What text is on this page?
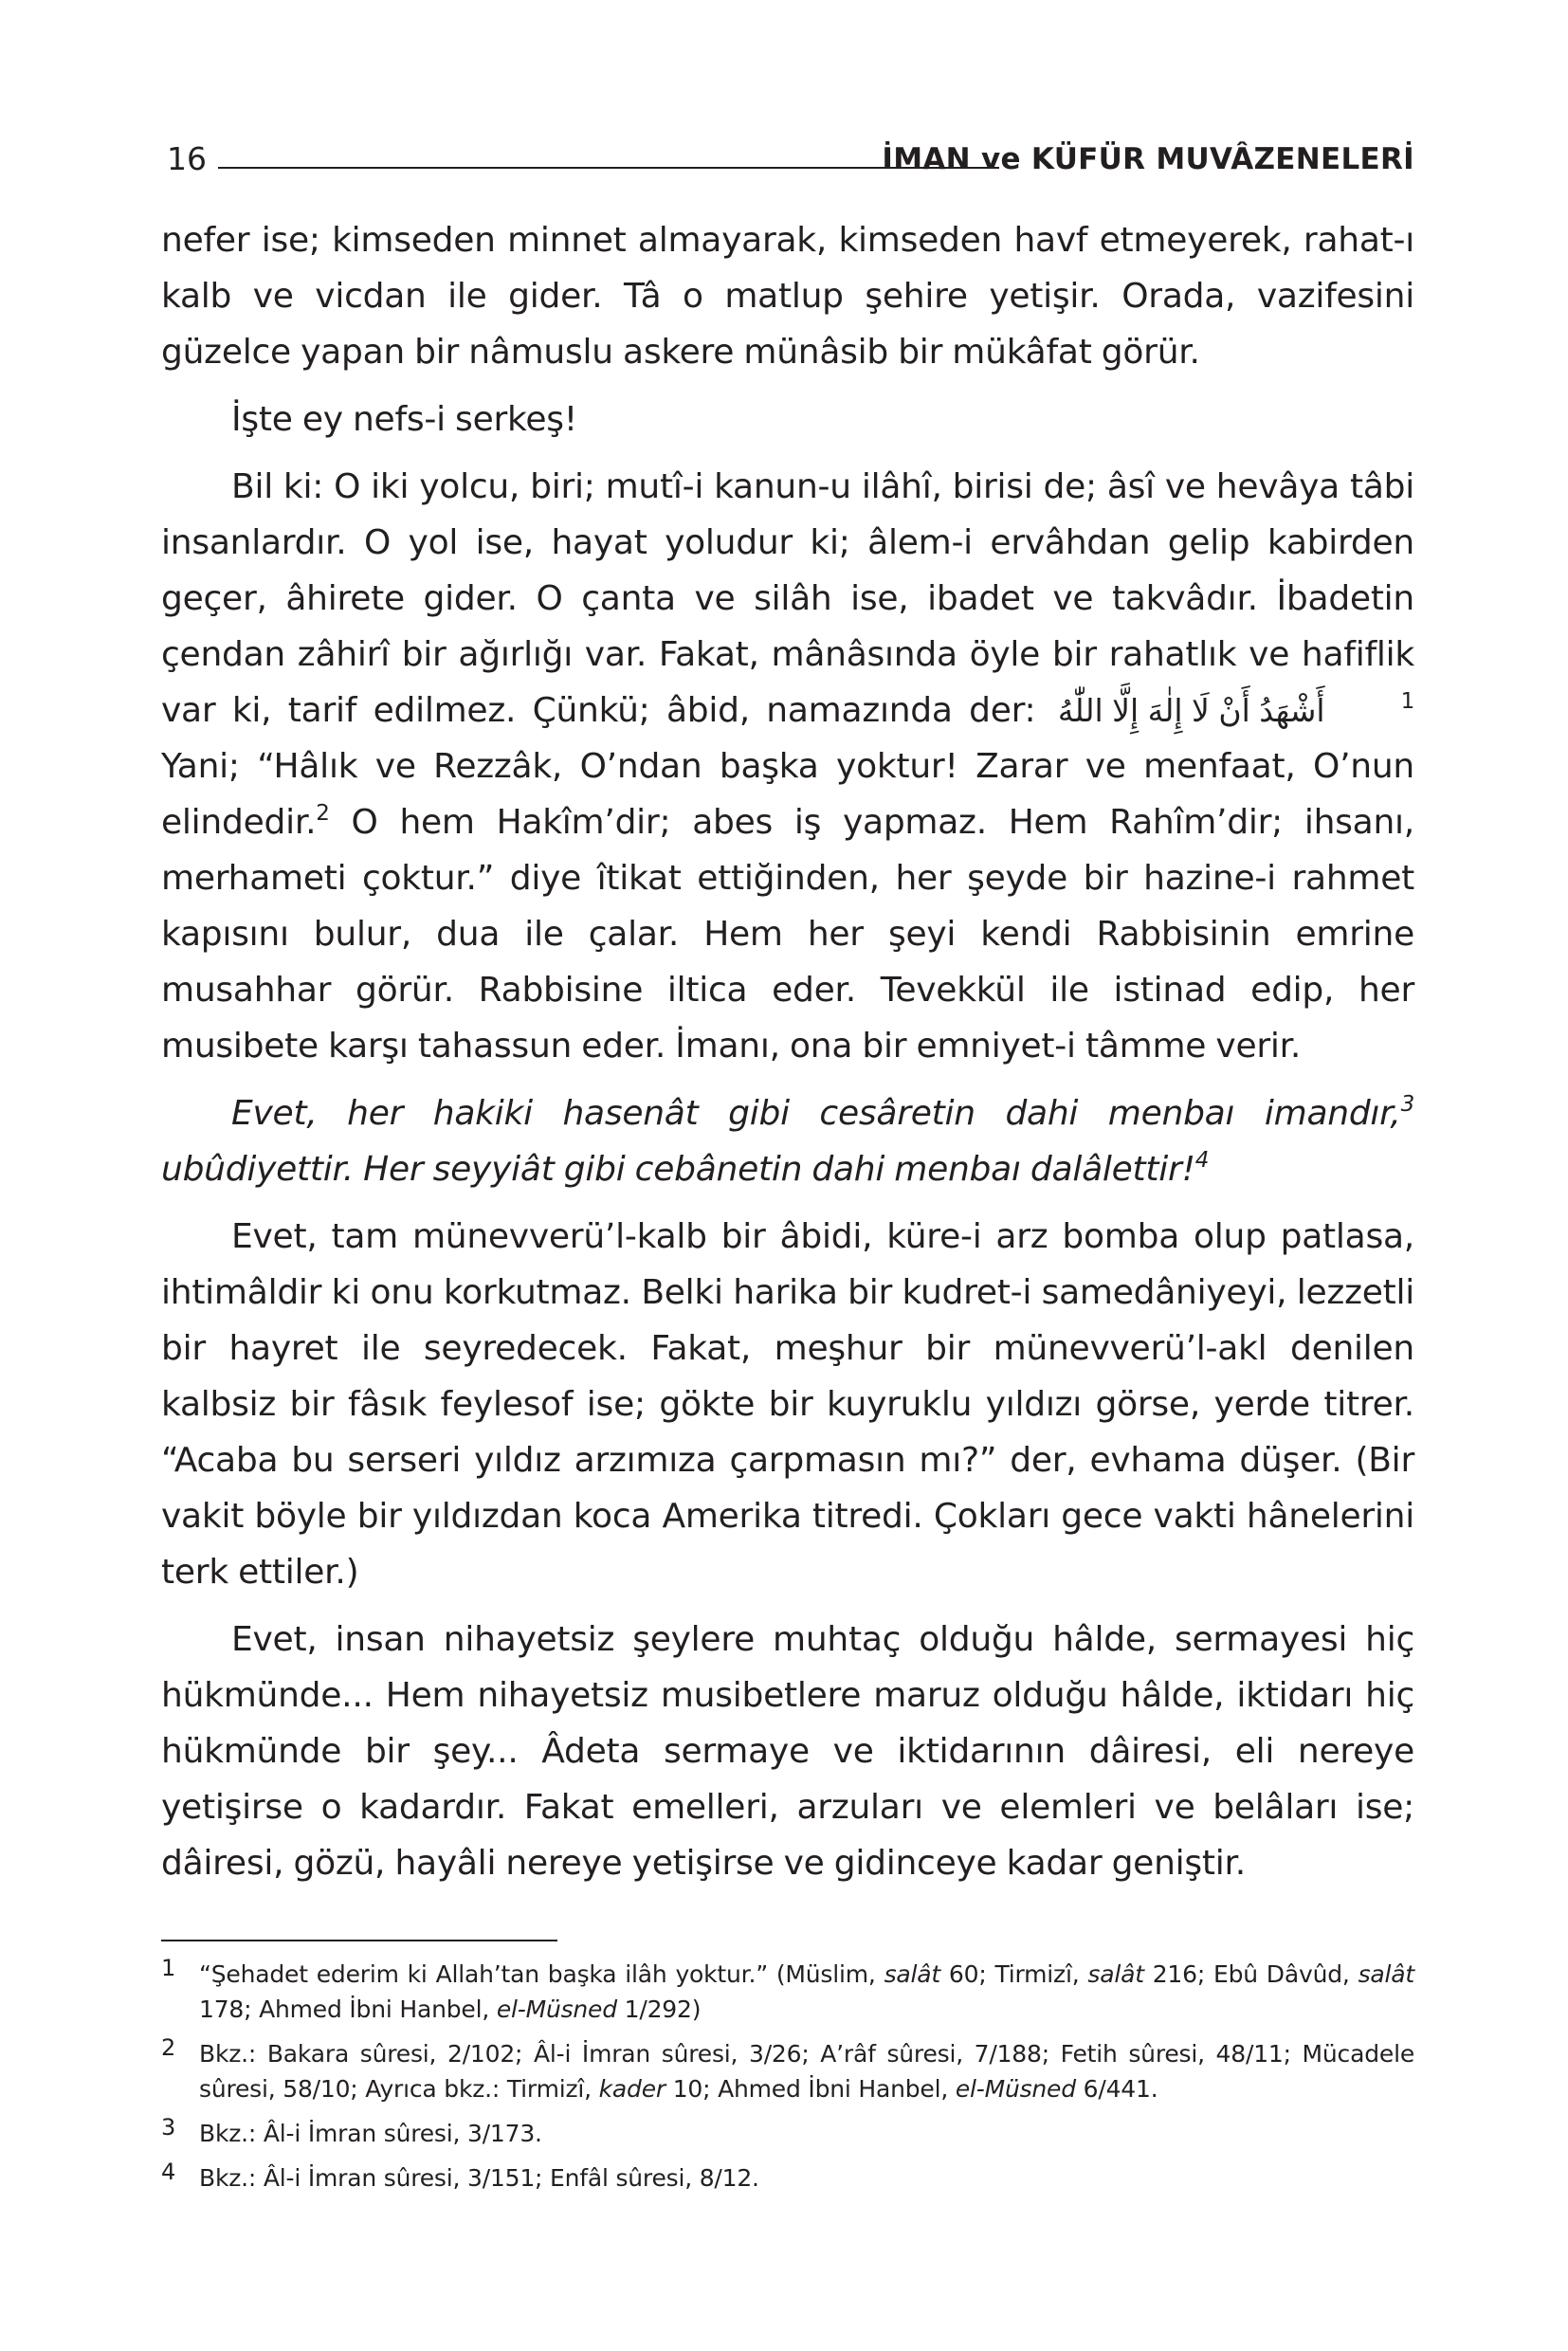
16	İMAN ve KÜFÜR MUVÂZENELERİ

nefer ise; kimseden minnet almayarak, kimseden havf etmeyerek, rahat-ı kalb ve vicdan ile gider. Tâ o matlup şehire yetişir. Orada, vazifesini güzelce yapan bir nâmuslu askere münâsib bir mükâfat görür.

İşte ey nefs-i serkeş!

Bil ki: O iki yolcu, biri; mutî-i kanun-u ilâhî, birisi de; âsî ve hevâya tâbi insanlardır. O yol ise, hayat yoludur ki; âlem-i ervâhdan gelip kabirden geçer, âhirete gider. O çanta ve silâh ise, ibadet ve takvâdır. İbadetin çendan zâhirî bir ağırlığı var. Fakat, mânâsında öyle bir rahatlık ve hafiflik var ki, tarif edilmez. Çünkü; âbid, namazında der: أَشْهَدُ أَنْ لَا إِلٰهَ إِلَّا اللّٰهُ	$^1$ Yani; “Hâlık ve Rezzâk, O’ndan başka yoktur! Zarar ve menfaat, O’nun elindedir.$^2$ O hem Hakîm’dir; abes iş yapmaz. Hem Rahîm’dir; ihsanı, merhameti çoktur.” diye îtikat ettiğinden, her şeyde bir hazine-i rahmet kapısını bulur, dua ile çalar. Hem her şeyi kendi Rabbisinin emrine musahhar görür. Rabbisine iltica eder. Tevekkül ile istinad edip, her musibete karşı tahassun eder. İmanı, ona bir emniyet-i tâmme verir.

Evet, her hakiki hasenât gibi cesâretin dahi menbaı imandır,$^3$ ubûdiyettir. Her seyyiât gibi cebânetin dahi menbaı dalâlettir!$^4$

Evet, tam münevverü’l-kalb bir âbidi, küre-i arz bomba olup patlasa, ihtimâldir ki onu korkutmaz. Belki harika bir kudret-i samedâniyeyi, lezzetli bir hayret ile seyredecek. Fakat, meşhur bir münevverü’l-akl denilen kalbsiz bir fâsık feylesof ise; gökte bir kuyruklu yıldızı görse, yerde titrer. “Acaba bu serseri yıldız arzımıza çarpmasın mı?” der, evhama düşer. (Bir vakit böyle bir yıldızdan koca Amerika titredi. Çokları gece vakti hânelerini terk ettiler.)

Evet, insan nihayetsiz şeylere muhtaç olduğu hâlde, sermayesi hiç hükmünde... Hem nihayetsiz musibetlere maruz olduğu hâlde, iktidarı hiç hükmünde bir şey... Âdeta sermaye ve iktidarının dâiresi, eli nereye yetişirse o kadardır. Fakat emelleri, arzuları ve elemleri ve belâları ise; dâiresi, gözü, hayâli nereye yetişirse ve gidinceye kadar geniştir.

1 “Şehadet ederim ki Allah’tan başka ilâh yoktur.” (Müslim, salât 60; Tirmizî, salât 216; Ebû Dâvûd, salât 178; Ahmed İbni Hanbel, el-Müsned 1/292)
2 Bkz.: Bakara sûresi, 2/102; Âl-i İmran sûresi, 3/26; A’râf sûresi, 7/188; Fetih sûresi, 48/11; Mücadele sûresi, 58/10; Ayrıca bkz.: Tirmizî, kader 10; Ahmed İbni Hanbel, el-Müsned 6/441.
3 Bkz.: Âl-i İmran sûresi, 3/173.
4 Bkz.: Âl-i İmran sûresi, 3/151; Enfâl sûresi, 8/12.
